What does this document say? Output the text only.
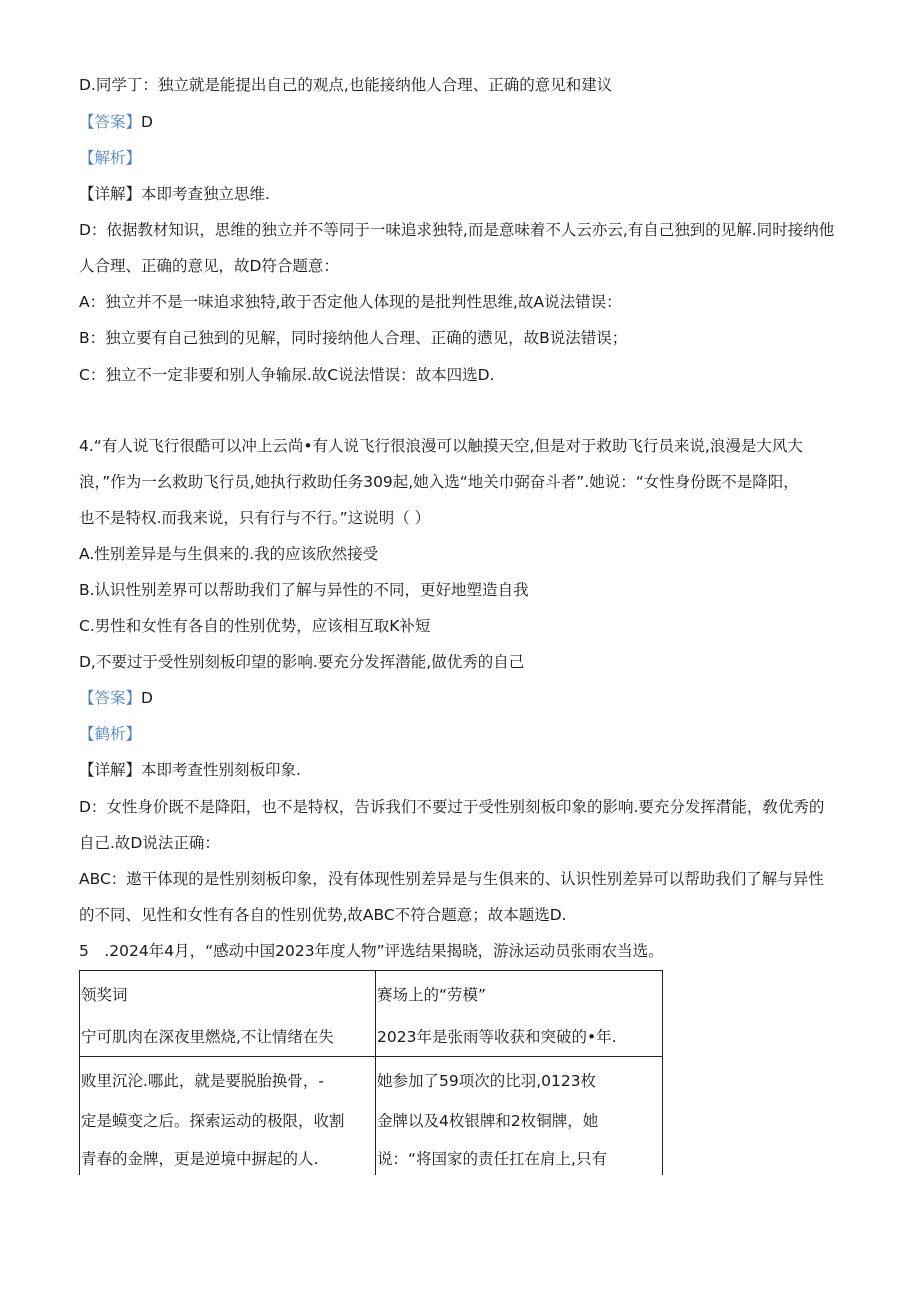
D.同学丁：独立就是能提出自己的观点,也能接纳他人合理、正确的意见和建议
【答案】D
【解析】
【详解】本即考查独立思维.
D：依据教材知识，思维的独立并不等同于一味追求独特,而是意味着不人云亦云,有自己独到的见解.同时接纳他
人合理、正确的意见，故D符合题意：
A：独立并不是一味追求独特,敢于否定他人体现的是批判性思维,故A说法错误：
B：独立要有自己独到的见解，同时接纳他人合理、正确的懑见，故B说法错误；
C：独立不一定非要和别人争输尿.故C说法惜误：故本四选D.
4.“有人说飞行很酷可以冲上云尚•有人说飞行很浪漫可以触摸天空,但是对于救助飞行员来说,浪漫是大风大
浪，”作为一幺救助飞行员,她执行救助任务309起,她入选“地关巾弼奋斗者”.她说：“女性身份既不是降阳，
也不是特权.而我来说，只有行与不行。”这说明（ ）
A.性别差异是与生俱来的.我的应该欣然接受
B.认识性别差界可以帮助我们了解与异性的不同，更好地塑造自我
C.男性和女性有各自的性别优势，应该相互取K补短
D,不要过于受性别刻板印望的影响.要充分发挥潜能,做优秀的自己
【答案】D
【鹤析】
【详解】本即考查性别刻板印象.
D：女性身价既不是降阳，也不是特权，告诉我们不要过于受性别刻板印象的影响.要充分发挥潸能，敎优秀的
自己.故D说法正确：
ABC：遨干体现的是性别刻板印象，没有体现性别差异是与生俱来的、认识性别差异可以帮助我们了解与异性
的不同、见性和女性有各自的性别优势,故ABC不符合题意；故本题选D.
5　.2024年4月，“感动中国2023年度人物”评选结果揭晓，游泳运动员张雨农当选。
领奖词
宁可肌肉在深夜里燃烧,不让情绪在失
败里沉沦.哪此，就是要脱胎换骨，-
定是蟆变之后。探索运动的极限，收割
青春的金牌，更是逆境中摒起的人.
赛场上的“劳模”
2023年是张雨等收获和突破的•年.
她参加了59项次的比羽,0123枚
金牌以及4枚银牌和2枚铜牌，她
说：“将国家的责任扛在肩上,只有
